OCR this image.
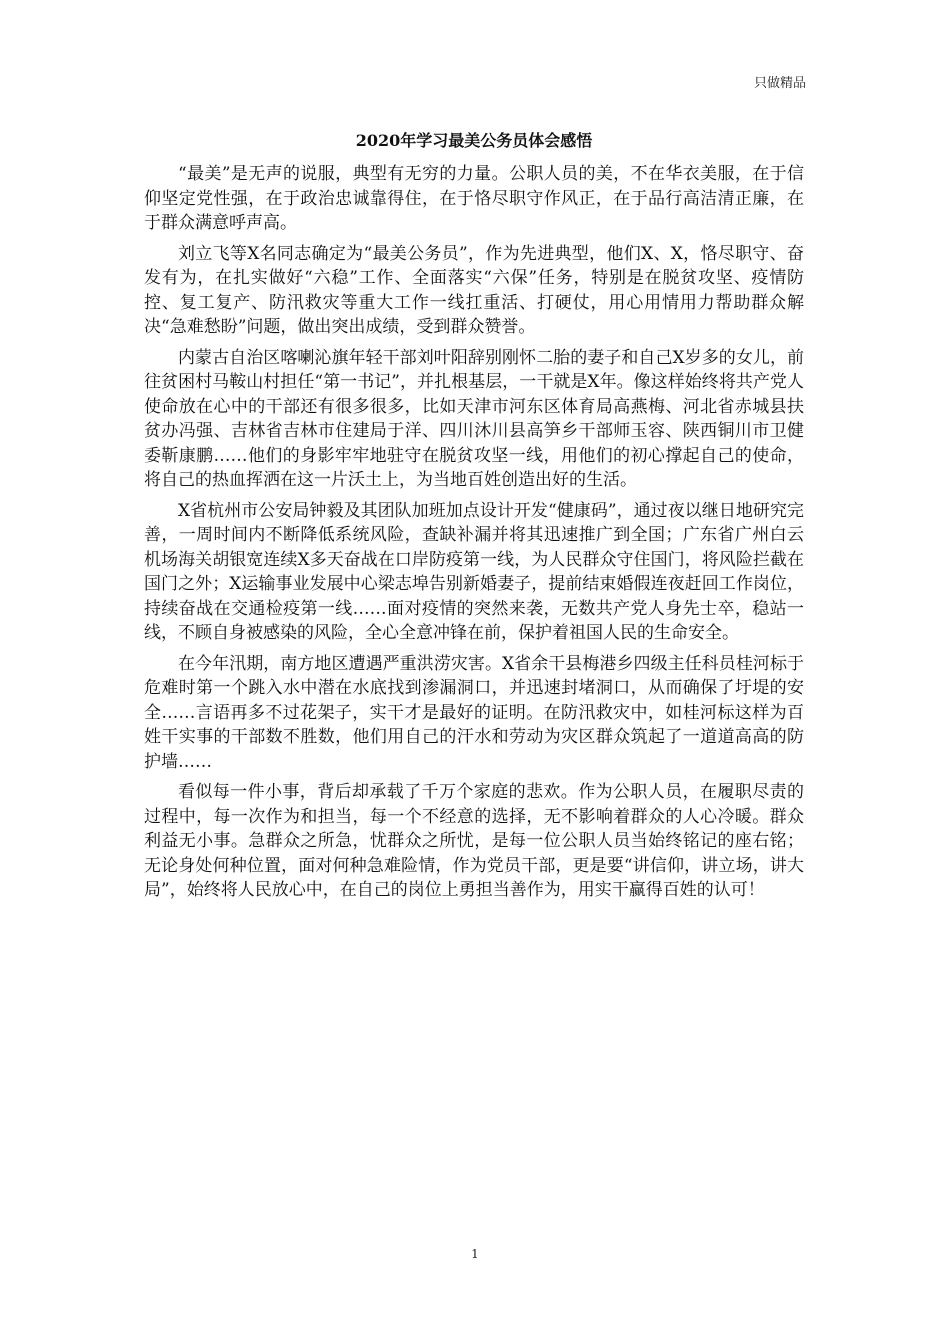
只做精品
2020年学习最美公务员体会感悟

“最美”是无声的说服，典型有无穷的力量。公职人员的美，不在华衣美服，在于信仰坚定党性强，在于政治忠诚靠得住，在于恪尽职守作风正，在于品行高洁清正廉，在于群众满意呼声高。

刘立飞等X名同志确定为“最美公务员”，作为先进典型，他们X、X，恪尽职守、奋发有为，在扎实做好“六稳”工作、全面落实“六保”任务，特别是在脱贫攻坚、疫情防控、复工复产、防汛救灾等重大工作一线扛重活、打硬仗，用心用情用力帮助群众解决“急难愁盼”问题，做出突出成绩，受到群众赞誉。

内蒙古自治区喀喇沁旗年轻干部刘叶阳辞别刚怀二胎的妻子和自己X岁多的女儿，前往贫困村马鞍山村担任“第一书记”，并扎根基层，一干就是X年。像这样始终将共产党人使命放在心中的干部还有很多很多，比如天津市河东区体育局高燕梅、河北省赤城县扶贫办冯强、吉林省吉林市住建局于洋、四川沐川县高笋乡干部师玉容、陕西铜川市卫健委靳康鹏……他们的身影牢牢地驻守在脱贫攻坚一线，用他们的初心撑起自己的使命，将自己的热血挥洒在这一片沃土上，为当地百姓创造出好的生活。

X省杭州市公安局钟毅及其团队加班加点设计开发“健康码”，通过夜以继日地研究完善，一周时间内不断降低系统风险，查缺补漏并将其迅速推广到全国；广东省广州白云机场海关胡银宽连续X多天奋战在口岸防疫第一线，为人民群众守住国门，将风险拦截在国门之外；X运输事业发展中心梁志埠告别新婚妻子，提前结束婚假连夜赶回工作岗位，持续奋战在交通检疫第一线……面对疫情的突然来袭，无数共产党人身先士卒，稳站一线，不顾自身被感染的风险，全心全意冲锋在前，保护着祖国人民的生命安全。

在今年汛期，南方地区遭遇严重洪涝灾害。X省余干县梅港乡四级主任科员桂河标于危难时第一个跳入水中潜在水底找到渗漏洞口，并迅速封堵洞口，从而确保了圩堤的安全……言语再多不过花架子，实干才是最好的证明。在防汛救灾中，如桂河标这样为百姓干实事的干部数不胜数，他们用自己的汗水和劳动为灾区群众筑起了一道道高高的防护墙……

看似每一件小事，背后却承载了千万个家庭的悲欢。作为公职人员，在履职尽责的过程中，每一次作为和担当，每一个不经意的选择，无不影响着群众的人心冷暖。群众利益无小事。急群众之所急，忧群众之所忧，是每一位公职人员当始终铭记的座右铭；无论身处何种位置，面对何种急难险情，作为党员干部，更是要“讲信仰，讲立场，讲大局”，始终将人民放心中，在自己的岗位上勇担当善作为，用实干赢得百姓的认可！

1
